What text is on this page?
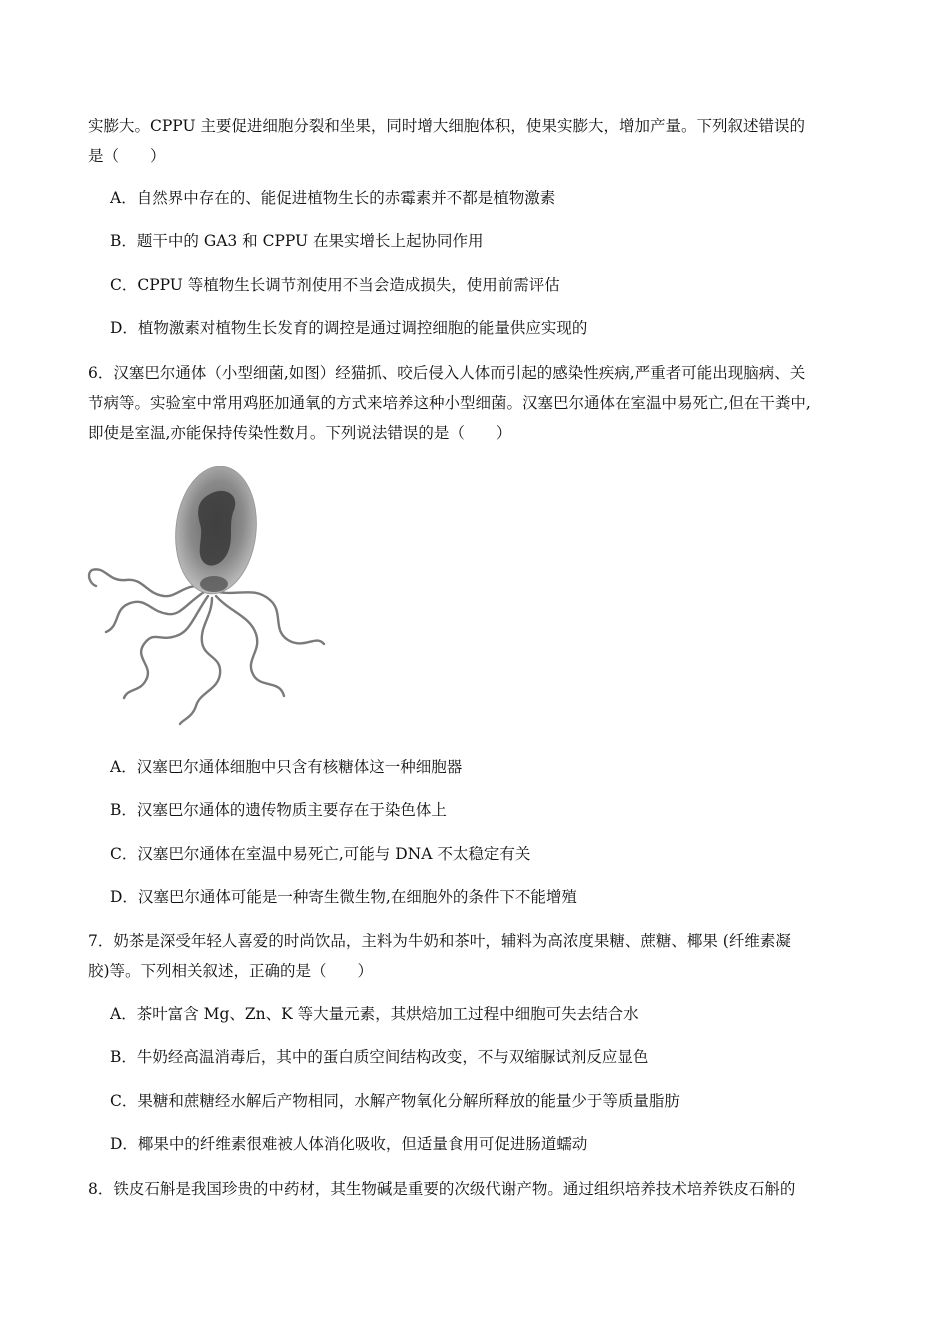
实膨大。CPPU 主要促进细胞分裂和坐果，同时增大细胞体积，使果实膨大，增加产量。下列叙述错误的
是（　　）
A．自然界中存在的、能促进植物生长的赤霉素并不都是植物激素
B．题干中的 GA3 和 CPPU 在果实增长上起协同作用
C．CPPU 等植物生长调节剂使用不当会造成损失，使用前需评估
D．植物激素对植物生长发育的调控是通过调控细胞的能量供应实现的
6．汉塞巴尔通体（小型细菌,如图）经猫抓、咬后侵入人体而引起的感染性疾病,严重者可能出现脑病、关
节病等。实验室中常用鸡胚加通氧的方式来培养这种小型细菌。汉塞巴尔通体在室温中易死亡,但在干粪中,
即使是室温,亦能保持传染性数月。下列说法错误的是（　　）
A．汉塞巴尔通体细胞中只含有核糖体这一种细胞器
B．汉塞巴尔通体的遗传物质主要存在于染色体上
C．汉塞巴尔通体在室温中易死亡,可能与 DNA 不太稳定有关
D．汉塞巴尔通体可能是一种寄生微生物,在细胞外的条件下不能增殖
7．奶茶是深受年轻人喜爱的时尚饮品，主料为牛奶和茶叶，辅料为高浓度果糖、蔗糖、椰果 (纤维素凝
胶)等。下列相关叙述，正确的是（　　）
A．茶叶富含 Mg、Zn、K 等大量元素，其烘焙加工过程中细胞可失去结合水
B．牛奶经高温消毒后，其中的蛋白质空间结构改变，不与双缩脲试剂反应显色
C．果糖和蔗糖经水解后产物相同，水解产物氧化分解所释放的能量少于等质量脂肪
D．椰果中的纤维素很难被人体消化吸收，但适量食用可促进肠道蠕动
8．铁皮石斛是我国珍贵的中药材，其生物碱是重要的次级代谢产物。通过组织培养技术培养铁皮石斛的
